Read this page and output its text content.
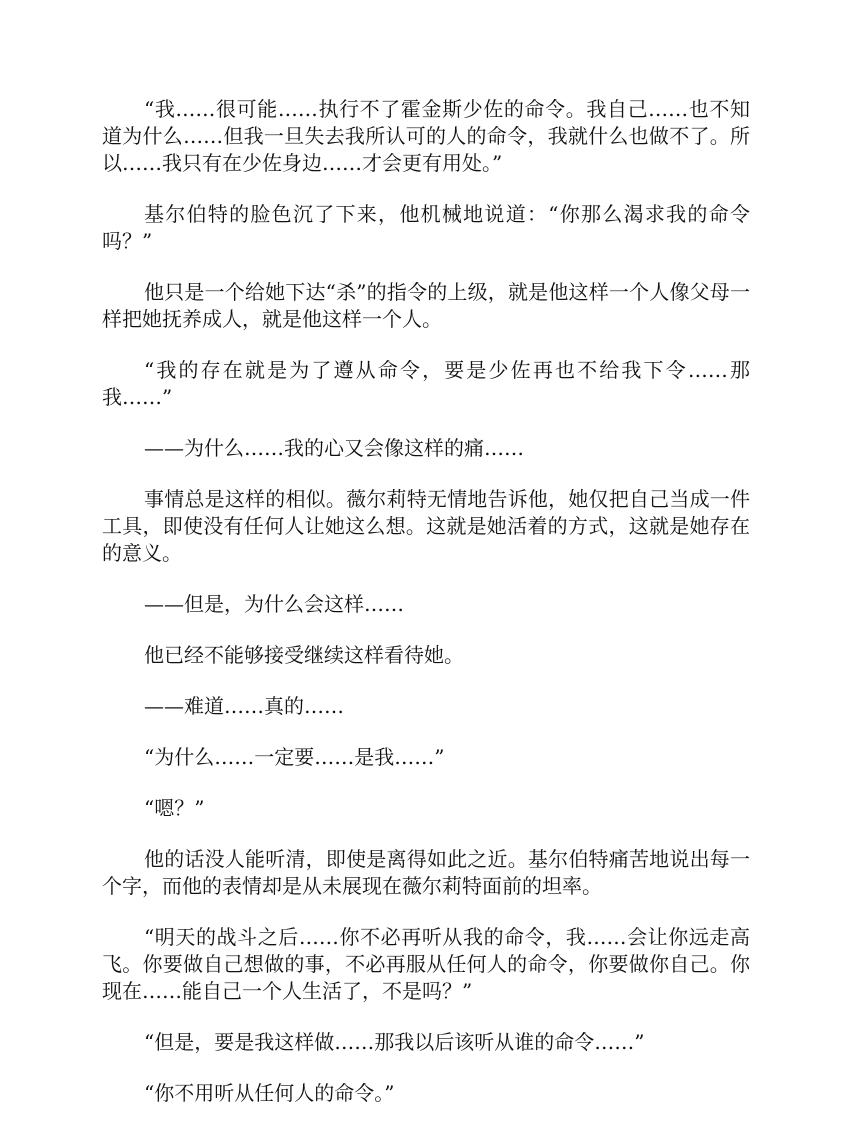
“我……很可能……执行不了霍金斯少佐的命令。我自己……也不知道为什么……但我一旦失去我所认可的人的命令，我就什么也做不了。所以……我只有在少佐身边……才会更有用处。”

基尔伯特的脸色沉了下来，他机械地说道：“你那么渴求我的命令吗？”

他只是一个给她下达“杀”的指令的上级，就是他这样一个人像父母一样把她抚养成人，就是他这样一个人。

“我的存在就是为了遵从命令，要是少佐再也不给我下令……那我……”

——为什么……我的心又会像这样的痛……

事情总是这样的相似。薇尔莉特无情地告诉他，她仅把自己当成一件工具，即使没有任何人让她这么想。这就是她活着的方式，这就是她存在的意义。

——但是，为什么会这样……

他已经不能够接受继续这样看待她。

——难道……真的……

“为什么……一定要……是我……”

“嗯？”

他的话没人能听清，即使是离得如此之近。基尔伯特痛苦地说出每一个字，而他的表情却是从未展现在薇尔莉特面前的坦率。

“明天的战斗之后……你不必再听从我的命令，我……会让你远走高飞。你要做自己想做的事，不必再服从任何人的命令，你要做你自己。你现在……能自己一个人生活了，不是吗？”

“但是，要是我这样做……那我以后该听从谁的命令……”

“你不用听从任何人的命令。”
